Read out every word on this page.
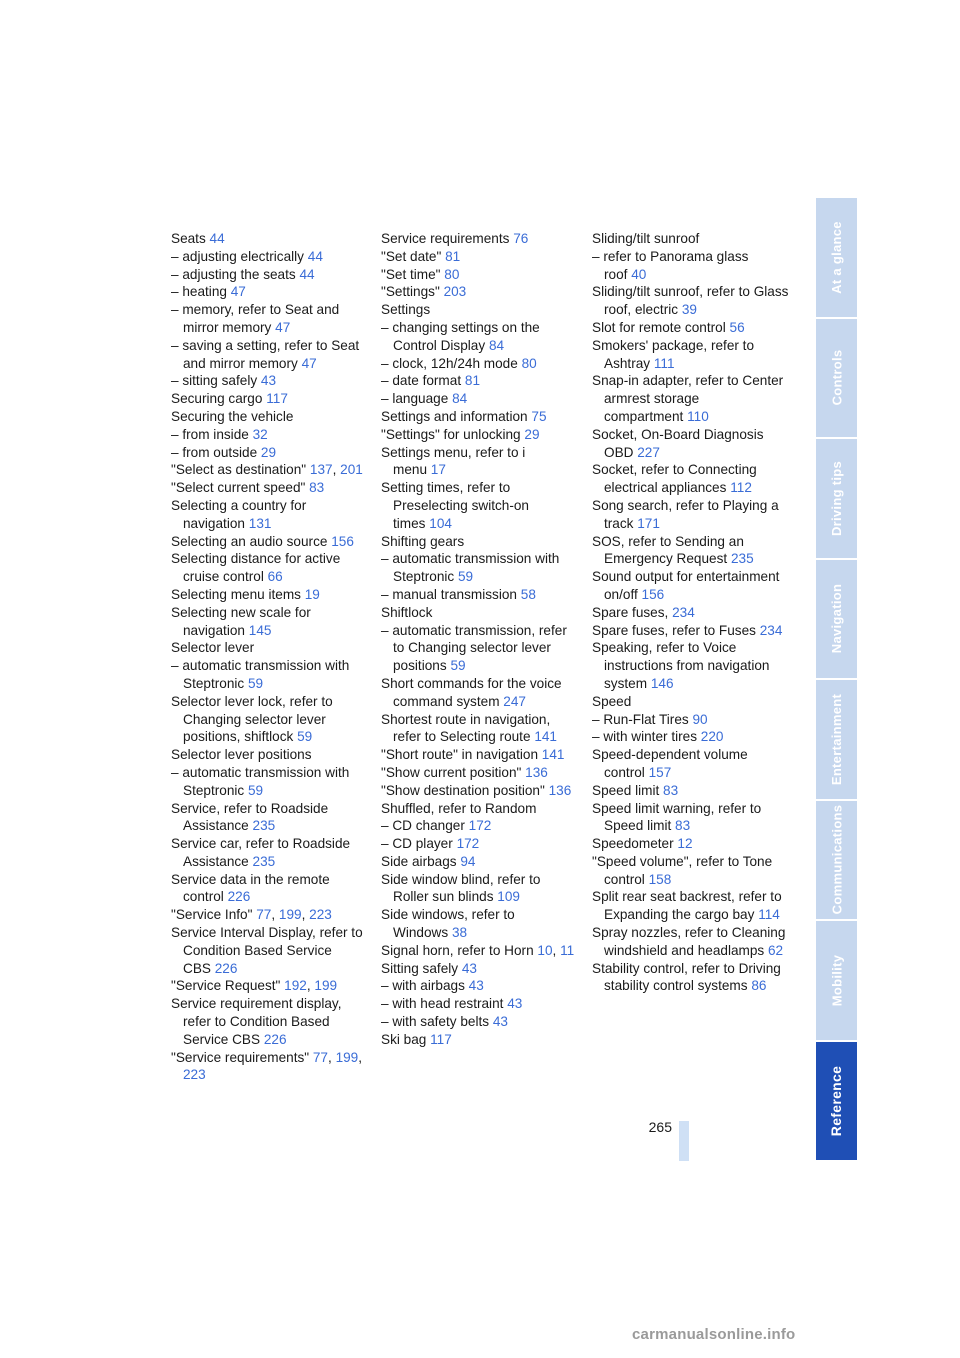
Seats 44
– adjusting electrically 44
– adjusting the seats 44
– heating 47
– memory, refer to Seat and mirror memory 47
– saving a setting, refer to Seat and mirror memory 47
– sitting safely 43
Securing cargo 117
Securing the vehicle
– from inside 32
– from outside 29
"Select as destination" 137, 201
"Select current speed" 83
Selecting a country for navigation 131
Selecting an audio source 156
Selecting distance for active cruise control 66
Selecting menu items 19
Selecting new scale for navigation 145
Selector lever
– automatic transmission with Steptronic 59
Selector lever lock, refer to Changing selector lever positions, shiftlock 59
Selector lever positions
– automatic transmission with Steptronic 59
Service, refer to Roadside Assistance 235
Service car, refer to Roadside Assistance 235
Service data in the remote control 226
"Service Info" 77, 199, 223
Service Interval Display, refer to Condition Based Service CBS 226
"Service Request" 192, 199
Service requirement display, refer to Condition Based Service CBS 226
"Service requirements" 77, 199, 223
Service requirements 76
"Set date" 81
"Set time" 80
"Settings" 203
Settings
– changing settings on the Control Display 84
– clock, 12h/24h mode 80
– date format 81
– language 84
Settings and information 75
"Settings" for unlocking 29
Settings menu, refer to i menu 17
Setting times, refer to Preselecting switch-on times 104
Shifting gears
– automatic transmission with Steptronic 59
– manual transmission 58
Shiftlock
– automatic transmission, refer to Changing selector lever positions 59
Short commands for the voice command system 247
Shortest route in navigation, refer to Selecting route 141
"Short route" in navigation 141
"Show current position" 136
"Show destination position" 136
Shuffled, refer to Random
– CD changer 172
– CD player 172
Side airbags 94
Side window blind, refer to Roller sun blinds 109
Side windows, refer to Windows 38
Signal horn, refer to Horn 10, 11
Sitting safely 43
– with airbags 43
– with head restraint 43
– with safety belts 43
Ski bag 117
Sliding/tilt sunroof
– refer to Panorama glass roof 40
Sliding/tilt sunroof, refer to Glass roof, electric 39
Slot for remote control 56
Smokers' package, refer to Ashtray 111
Snap-in adapter, refer to Center armrest storage compartment 110
Socket, On-Board Diagnosis OBD 227
Socket, refer to Connecting electrical appliances 112
Song search, refer to Playing a track 171
SOS, refer to Sending an Emergency Request 235
Sound output for entertainment on/off 156
Spare fuses, 234
Spare fuses, refer to Fuses 234
Speaking, refer to Voice instructions from navigation system 146
Speed
– Run-Flat Tires 90
– with winter tires 220
Speed-dependent volume control 157
Speed limit 83
Speed limit warning, refer to Speed limit 83
Speedometer 12
"Speed volume", refer to Tone control 158
Split rear seat backrest, refer to Expanding the cargo bay 114
Spray nozzles, refer to Cleaning windshield and headlamps 62
Stability control, refer to Driving stability control systems 86
265
At a glance
Controls
Driving tips
Navigation
Entertainment
Communications
Mobility
Reference
carmanualsonline.info
